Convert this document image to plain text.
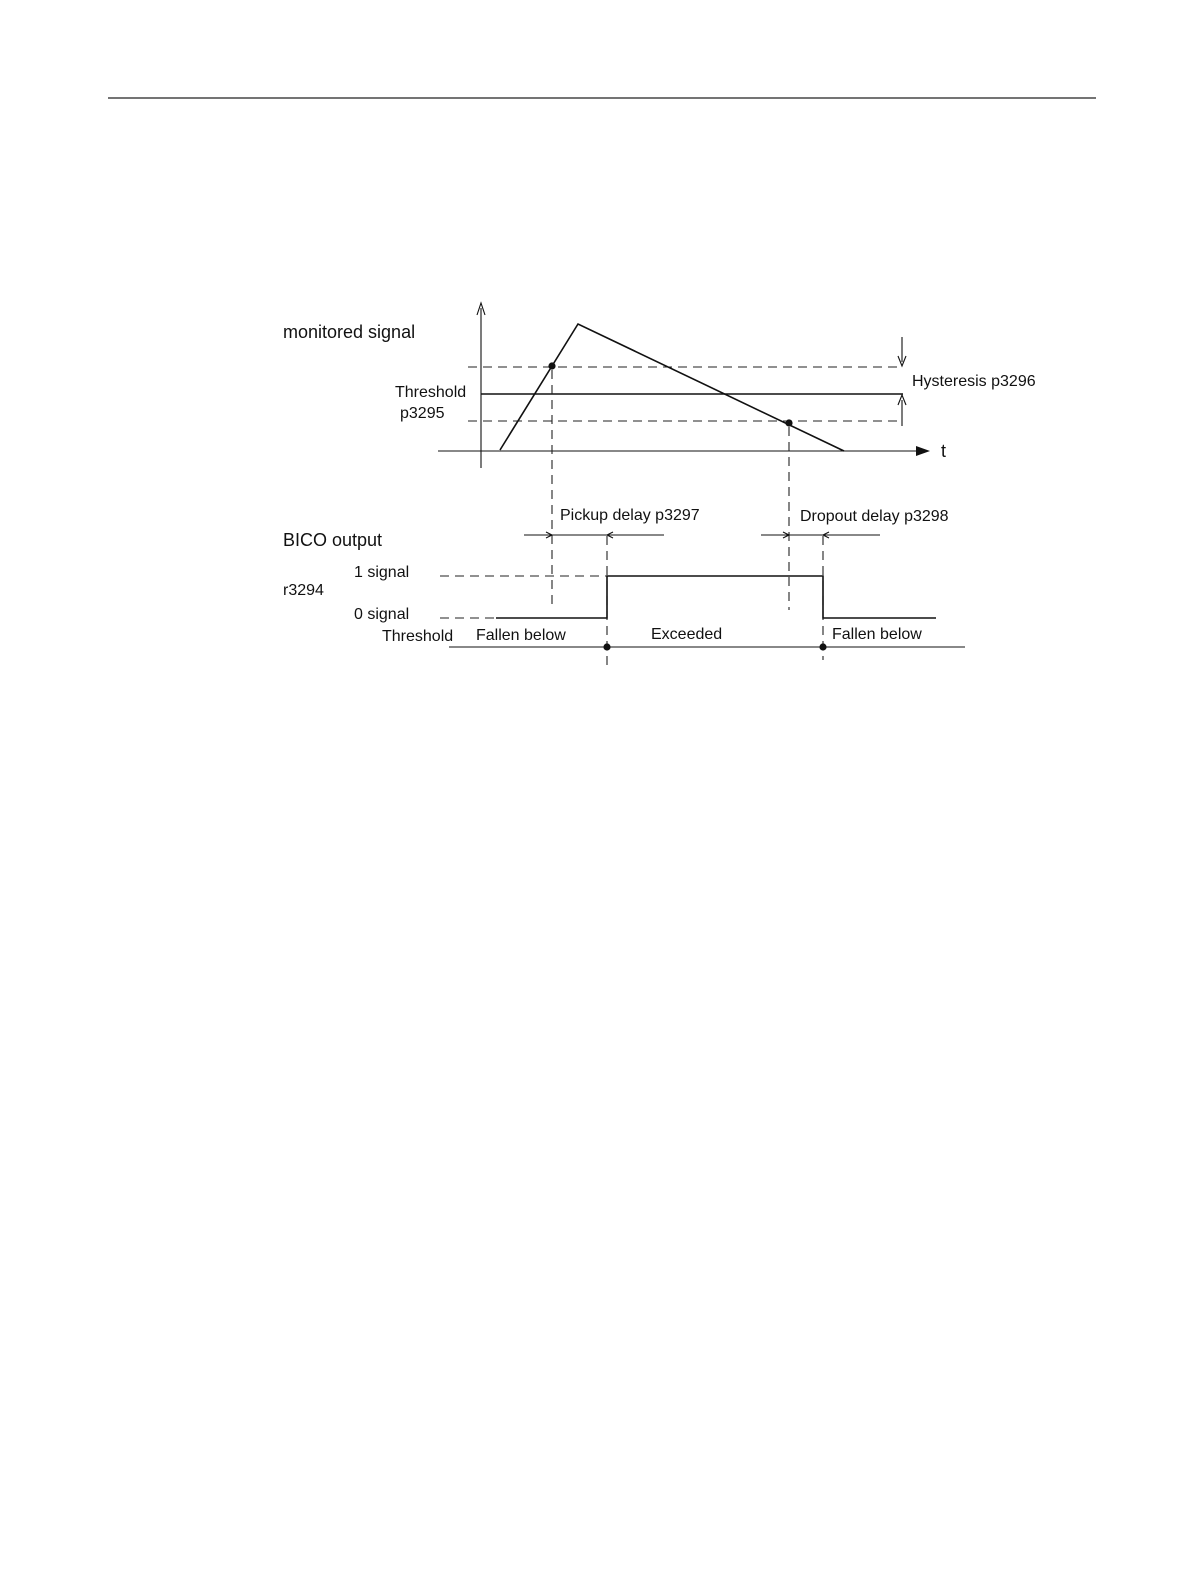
monitored signal
Threshold
p3295
Hysteresis p3296
t
Pickup delay p3297	Dropout delay p3298
BICO output
r3294
1 signal
0 signal
Threshold Fallen below	Exceeded	Fallen below
